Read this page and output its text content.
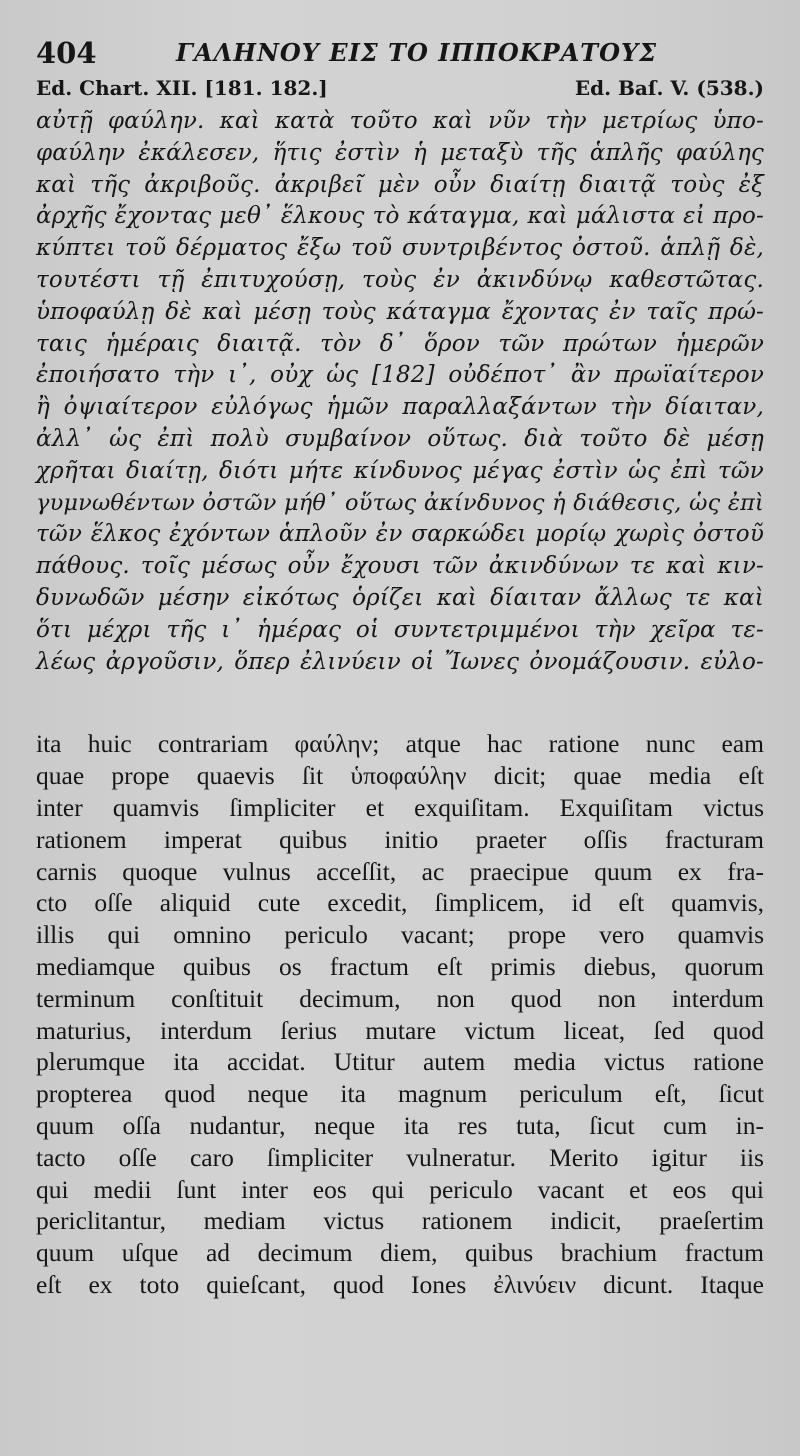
404	ΓΑΛΗΝΟΥ ΕΙΣ ΤΟ ΙΠΠΟΚΡΑΤΟΥΣ
Ed. Chart. XII. [181. 182.]	Ed. Baſ. V. (538.)
αὐτῇ φαύλην. καὶ κατὰ τοῦτο καὶ νῦν τὴν μετρίως ὑπο-
φαύλην ἐκάλεσεν, ἥτις ἐστὶν ἡ μεταξὺ τῆς ἁπλῆς φαύλης
καὶ τῆς ἀκριβοῦς. ἀκριβεῖ μὲν οὖν διαίτῃ διαιτᾷ τοὺς ἐξ
ἀρχῆς ἔχοντας μεθ᾽ ἕλκους τὸ κάταγμα, καὶ μάλιστα εἰ προ-
κύπτει τοῦ δέρματος ἔξω τοῦ συντριβέντος ὀστοῦ. ἁπλῇ δὲ,
τουτέστι τῇ ἐπιτυχούσῃ, τοὺς ἐν ἀκινδύνῳ καθεστῶτας.
ὑποφαύλῃ δὲ καὶ μέσῃ τοὺς κάταγμα ἔχοντας ἐν ταῖς πρώ-
ταις ἡμέραις διαιτᾷ. τὸν δ᾽ ὅρον τῶν πρώτων ἡμερῶν
ἐποιήσατο τὴν ι᾽, οὐχ ὡς [182] οὐδέποτ᾽ ἂν πρωϊαίτερον
ἢ ὀψιαίτερον εὐλόγως ἡμῶν παραλλαξάντων τὴν δίαιταν,
ἀλλ᾽ ὡς ἐπὶ πολὺ συμβαίνον οὕτως. διὰ τοῦτο δὲ μέσῃ
χρῆται διαίτῃ, διότι μήτε κίνδυνος μέγας ἐστὶν ὡς ἐπὶ τῶν
γυμνωθέντων ὀστῶν μήθ᾽ οὕτως ἀκίνδυνος ἡ διάθεσις, ὡς ἐπὶ
τῶν ἕλκος ἐχόντων ἁπλοῦν ἐν σαρκώδει μορίῳ χωρὶς ὀστοῦ
πάθους. τοῖς μέσως οὖν ἔχουσι τῶν ἀκινδύνων τε καὶ κιν-
δυνωδῶν μέσην εἰκότως ὁρίζει καὶ δίαιταν ἄλλως τε καὶ
ὅτι μέχρι τῆς ι᾽ ἡμέρας οἱ συντετριμμένοι τὴν χεῖρα τε-
λέως ἀργοῦσιν, ὅπερ ἐλινύειν οἱ Ἴωνες ὀνομάζουσιν. εὐλο-
ita huic contrariam φαύλην; atque hac ratione nunc eam
quae prope quaevis ſit ὑποφαύλην dicit; quae media eſt
inter quamvis ſimpliciter et exquiſitam. Exquiſitam victus
rationem imperat quibus initio praeter oſſis fracturam
carnis quoque vulnus acceſſit, ac praecipue quum ex fra-
cto oſſe aliquid cute excedit, ſimplicem, id eſt quamvis,
illis qui omnino periculo vacant; prope vero quamvis
mediamque quibus os fractum eſt primis diebus, quorum
terminum conſtituit decimum, non quod non interdum
maturius, interdum ſerius mutare victum liceat, ſed quod
plerumque ita accidat. Utitur autem media victus ratione
propterea quod neque ita magnum periculum eſt, ſicut
quum oſſa nudantur, neque ita res tuta, ſicut cum in-
tacto oſſe caro ſimpliciter vulneratur. Merito igitur iis
qui medii ſunt inter eos qui periculo vacant et eos qui
periclitantur, mediam victus rationem indicit, praeſertim
quum uſque ad decimum diem, quibus brachium fractum
eſt ex toto quieſcant, quod Iones ἐλινύειν dicunt. Itaque
